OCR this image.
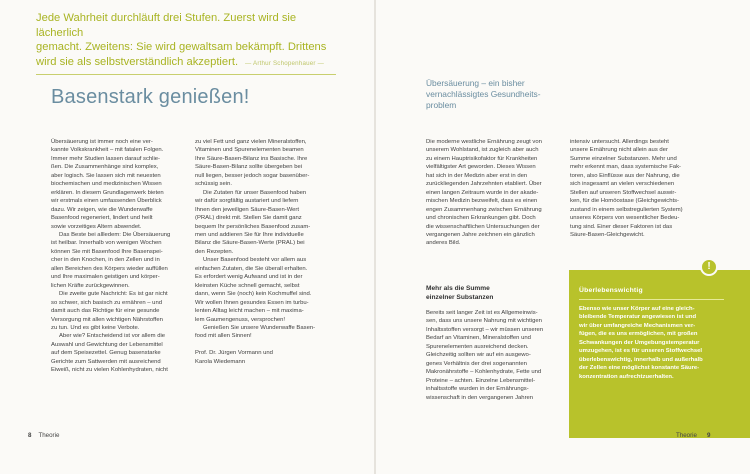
Jede Wahrheit durchläuft drei Stufen. Zuerst wird sie lächerlich
gemacht. Zweitens: Sie wird gewaltsam bekämpft. Drittens
wird sie als selbstverständlich akzeptiert. — Arthur Schopenhauer —
Basenstark genießen!
Übersäuerung ist immer noch eine ver-
kannte Volkskrankheit – mit fatalen Folgen.
Immer mehr Studien lassen darauf schlie-
ßen. Die Zusammenhänge sind komplex,
aber logisch. Sie lassen sich mit neuesten
biochemischen und medizinischen Wissen
erklären. In diesem Grundlagenwerk bieten
wir erstmals einen umfassenden Überblick
dazu. Wir zeigen, wie die Wunderwaffe
Basenfood regeneriert, lindert und heilt
sowie vorzeitiges Altern abwendet.
Das Beste bei allledem: Die Übersäuerung
ist heilbar. Innerhalb von wenigen Wochen
können Sie mit Basenfood Ihre Basenspei-
cher in den Knochen, in den Zellen und in
allen Bereichen des Körpers wieder auffüllen
und Ihre maximalen geistigen und körper-
lichen Kräfte zurückgewinnen.
Die zweite gute Nachricht: Es ist gar nicht
so schwer, sich basisch zu ernähren – und
damit auch das Richtige für eine gesunde
Versorgung mit allen wichtigen Nährstoffen
zu tun. Und es gibt keine Verbote.
Aber wie? Entscheidend ist vor allem die
Auswahl und Gewichtung der Lebensmittel
auf dem Speisezettel. Genug basenstarke
Gerichte zum Sattwerden mit ausreichend
Eiweiß, nicht zu vielen Kohlenhydraten, nicht
zu viel Fett und ganz vielen Mineralstoffen,
Vitaminen und Spurenelementen beamen
Ihre Säure-Basen-Bilanz ins Basische. Ihre
Säure-Basen-Bilanz sollte übergeben bei
null liegen, besser jedoch sogar basenüber-
schüssig sein.
Die Zutaten für unser Basenfood haben
wir dafür sorgfältig austariert und liefern
Ihnen den jeweiligen Säure-Basen-Wert
(PRAL) direkt mit. Stellen Sie damit ganz
bequem Ihr persönliches Basenfood zusam-
men und addieren Sie für Ihre individuelle
Bilanz die Säure-Basen-Werte (PRAL) bei
den Rezepten.
Unser Basenfood besteht vor allem aus
einfachen Zutaten, die Sie überall erhalten.
Es erfordert wenig Aufwand und ist in der
kleinsten Küche schnell gemacht, selbst
dann, wenn Sie (noch) kein Kochmuffel sind.
Wir wollen Ihnen gesundes Essen im turbu-
lenten Alltag leicht machen – mit maxima-
lem Gaumengenuss, versprochen!
Genießen Sie unsere Wunderwaffe Basen-
food mit allen Sinnen!

Prof. Dr. Jürgen Vormann und
Karola Wiedemann
Übersäuerung – ein bisher
vernachlässigtes Gesundheits-
problem
Die moderne westliche Ernährung zeugt von
unserem Wohlstand, ist zugleich aber auch
zu einem Hauptrisikofaktor für Krankheiten
vielfältigster Art geworden. Dieses Wissen
hat sich in der Medizin aber erst in den
zurückliegenden Jahrzehnten etabliert. Über
einen langen Zeitraum wurde in der akade-
mischen Medizin bezweifelt, dass es einen
engen Zusammenhang zwischen Ernährung
und chronischen Erkrankungen gibt. Doch
die wissenschaftlichen Untersuchungen der
vergangenen Jahre zeichnen ein gänzlich
anderes Bild.
Mehr als die Summe
einzelner Substanzen
Bereits seit langer Zeit ist es Allgemeinwis-
sen, dass uns unsere Nahrung mit wichtigen
Inhaltsstoffen versorgt – wir müssen unseren
Bedarf an Vitaminen, Mineralstoffen und
Spurenelementen ausreichend decken.
Gleichzeitig sollten wir auf ein ausgewo-
genes Verhältnis der drei sogenannten
Makronährstoffe – Kohlenhydrate, Fette und
Proteine – achten. Einzelne Lebensmittel-
inhaltsstoffe wurden in der Ernährungs-
wissenschaft in den vergangenen Jahren
intensiv untersucht. Allerdings besteht
unsere Ernährung nicht allein aus der
Summe einzelner Substanzen. Mehr und
mehr erkennt man, dass systemische Fak-
toren, also Einflüsse aus der Nahrung, die
sich insgesamt an vielen verschiedenen
Stellen auf unseren Stoffwechsel auswir-
ken, für die Homöostase (Gleichgewichts-
zustand in einem selbstregulierten System)
unseres Körpers von wesentlicher Bedeu-
tung sind. Einer dieser Faktoren ist das
Säure-Basen-Gleichgewicht.
!
Überlebenswichtig
Ebenso wie unser Körper auf eine gleich-
bleibende Temperatur angewiesen ist und
wir über umfangreiche Mechanismen ver-
fügen, die es uns ermöglichen, mit großen
Schwankungen der Umgebungstemperatur
umzugehen, ist es für unseren Stoffwechsel
überlebenswichtig, innerhalb und außerhalb
der Zellen eine möglichst konstante Säure-
konzentration aufrechtzuerhalten.
8 Theorie	Theorie 9
